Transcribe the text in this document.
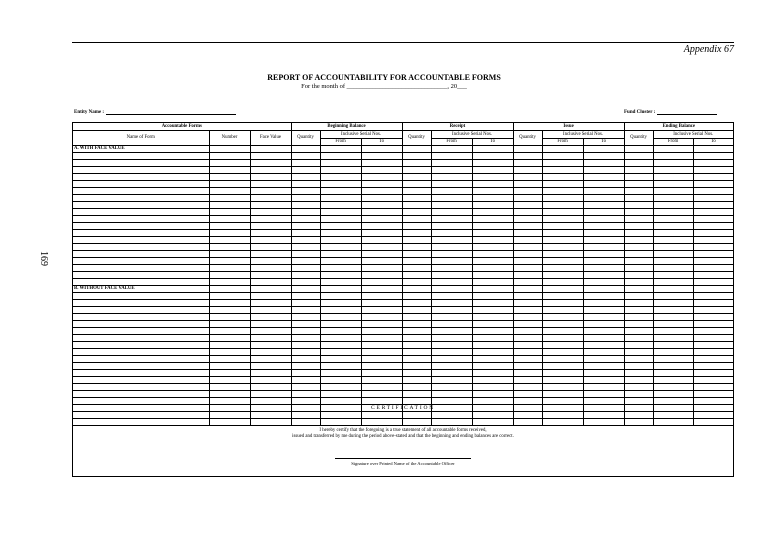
Appendix 67
169
REPORT OF ACCOUNTABILITY FOR ACCOUNTABLE FORMS
For the month of _______________________________, 20___
Entity Name :	Fund Cluster :
Accountable Forms			Beginning Balance			Receipt			Issue			Ending Balance		
Name of Form	Number	Face Value	Quantity	Inclusive Serial Nos.		Quantity	Inclusive Serial Nos.		Quantity	Inclusive Serial Nos.		Quantity	Inclusive Serial Nos.	
				From	To		From	To		From	To		From	To
A. WITH FACE VALUE														

B. WITHOUT FACE VALUE														

CERTIFICATION
I hereby certify that the foregoing is a true statement of all accountable forms received,
issued and transferred by me during the period above-stated and that the beginning and ending balances are correct.
Signature over Printed Name of the Accountable Officer
